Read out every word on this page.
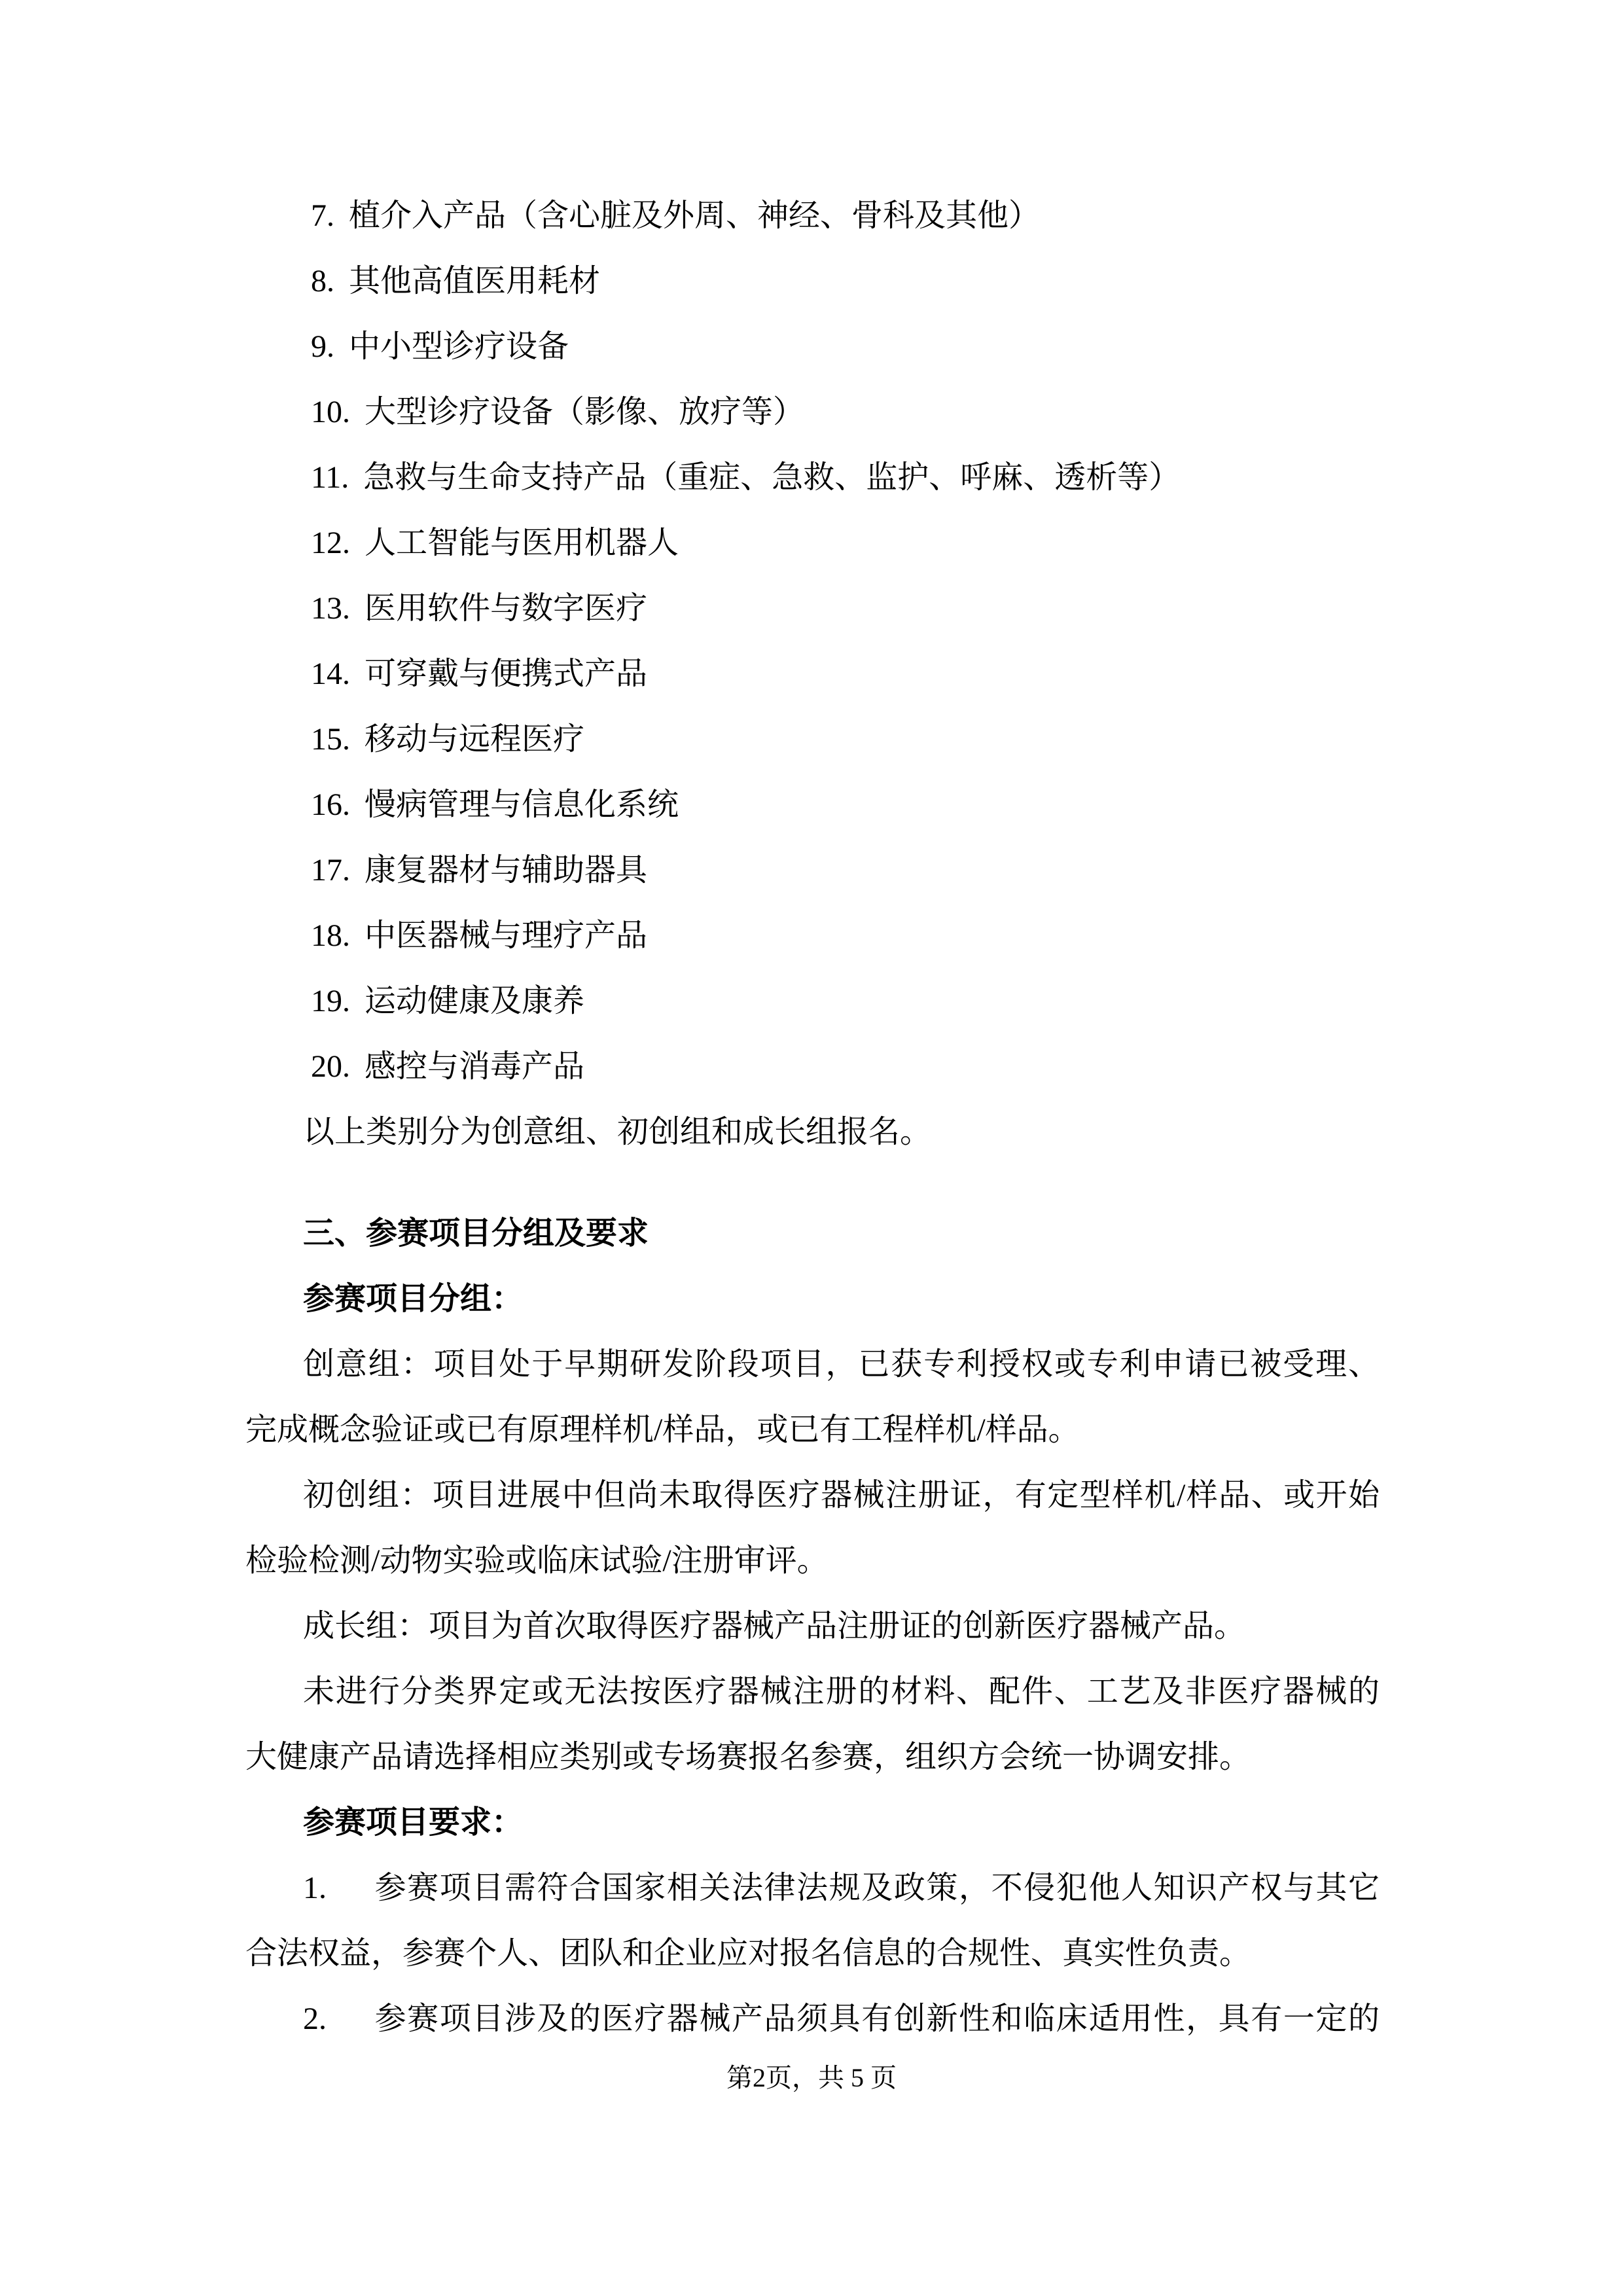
7. 植介入产品（含心脏及外周、神经、骨科及其他）
8. 其他高值医用耗材
9. 中小型诊疗设备
10. 大型诊疗设备（影像、放疗等）
11. 急救与生命支持产品（重症、急救、监护、呼麻、透析等）
12. 人工智能与医用机器人
13. 医用软件与数字医疗
14. 可穿戴与便携式产品
15. 移动与远程医疗
16. 慢病管理与信息化系统
17. 康复器材与辅助器具
18. 中医器械与理疗产品
19. 运动健康及康养
20. 感控与消毒产品
以上类别分为创意组、初创组和成长组报名。
三、参赛项目分组及要求
参赛项目分组：
创意组：项目处于早期研发阶段项目，已获专利授权或专利申请已被受理、
完成概念验证或已有原理样机/样品，或已有工程样机/样品。
初创组：项目进展中但尚未取得医疗器械注册证，有定型样机/样品、或开始
检验检测/动物实验或临床试验/注册审评。
成长组：项目为首次取得医疗器械产品注册证的创新医疗器械产品。
未进行分类界定或无法按医疗器械注册的材料、配件、工艺及非医疗器械的
大健康产品请选择相应类别或专场赛报名参赛，组织方会统一协调安排。
参赛项目要求：
1. 参赛项目需符合国家相关法律法规及政策，不侵犯他人知识产权与其它
合法权益，参赛个人、团队和企业应对报名信息的合规性、真实性负责。
2. 参赛项目涉及的医疗器械产品须具有创新性和临床适用性，具有一定的
第2页，共 5 页
